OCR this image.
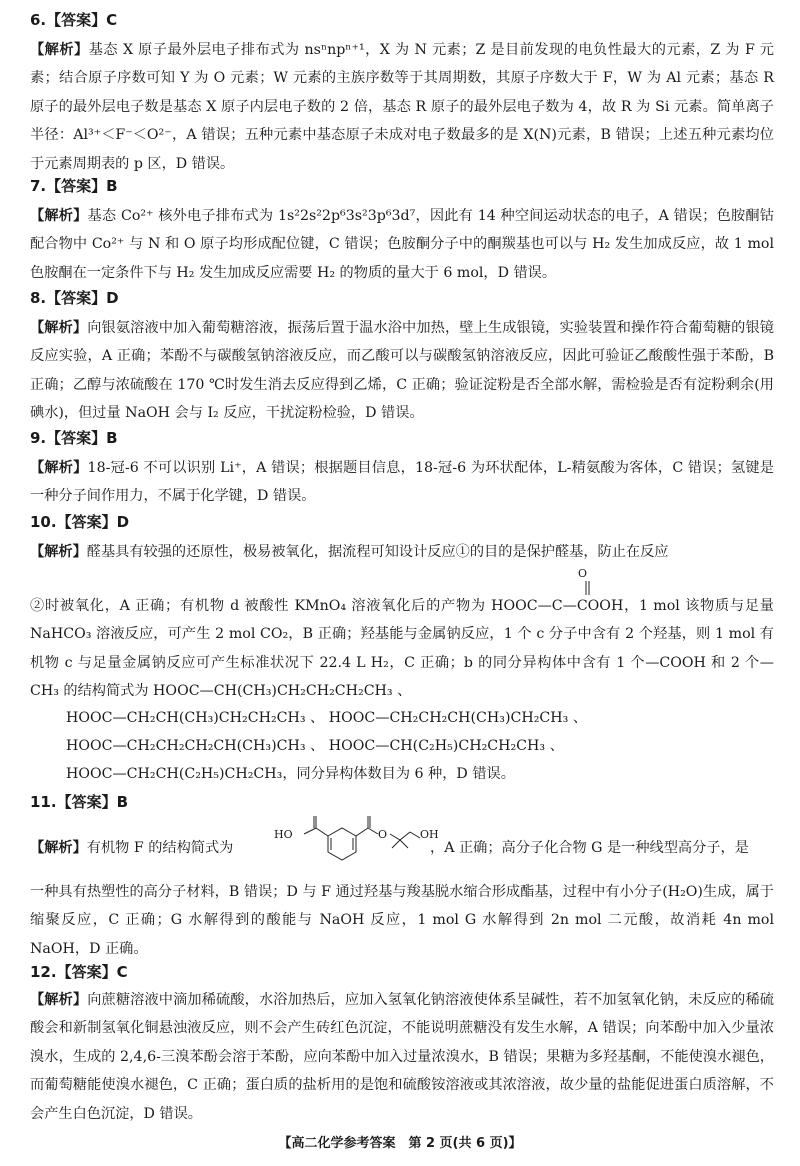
6.【答案】C
【解析】基态 X 原子最外层电子排布式为 nsⁿnpⁿ⁺¹，X 为 N 元素；Z 是目前发现的电负性最大的元素，Z 为 F 元素；结合原子序数可知 Y 为 O 元素；W 元素的主族序数等于其周期数，其原子序数大于 F，W 为 Al 元素；基态 R 原子的最外层电子数是基态 X 原子内层电子数的 2 倍，基态 R 原子的最外层电子数为 4，故 R 为 Si 元素。简单离子半径：Al³⁺＜F⁻＜O²⁻，A 错误；五种元素中基态原子未成对电子数最多的是 X(N)元素，B 错误；上述五种元素均位于元素周期表的 p 区，D 错误。
7.【答案】B
【解析】基态 Co²⁺ 核外电子排布式为 1s²2s²2p⁶3s²3p⁶3d⁷，因此有 14 种空间运动状态的电子，A 错误；色胺酮钴配合物中 Co²⁺ 与 N 和 O 原子均形成配位键，C 错误；色胺酮分子中的酮羰基也可以与 H₂ 发生加成反应，故 1 mol 色胺酮在一定条件下与 H₂ 发生加成反应需要 H₂ 的物质的量大于 6 mol，D 错误。
8.【答案】D
【解析】向银氨溶液中加入葡萄糖溶液，振荡后置于温水浴中加热，壁上生成银镜，实验装置和操作符合葡萄糖的银镜反应实验，A 正确；苯酚不与碳酸氢钠溶液反应，而乙酸可以与碳酸氢钠溶液反应，因此可验证乙酸酸性强于苯酚，B 正确；乙醇与浓硫酸在 170 ℃时发生消去反应得到乙烯，C 正确；验证淀粉是否全部水解，需检验是否有淀粉剩余(用碘水)，但过量 NaOH 会与 I₂ 反应，干扰淀粉检验，D 错误。
9.【答案】B
【解析】18-冠-6 不可以识别 Li⁺，A 错误；根据题目信息，18-冠-6 为环状配体，L-精氨酸为客体，C 错误；氢键是一种分子间作用力，不属于化学键，D 错误。
10.【答案】D
【解析】醛基具有较强的还原性，极易被氧化，据流程可知设计反应①的目的是保护醛基，防止在反应
O
②时被氧化，A 正确；有机物 d 被酸性 KMnO₄ 溶液氧化后的产物为 HOOC—C—COOH，1 mol 该物质与足量 NaHCO₃ 溶液反应，可产生 2 mol CO₂，B 正确；羟基能与金属钠反应，1 个 c 分子中含有 2 个羟基，则 1 mol 有机物 c 与足量金属钠反应可产生标准状况下 22.4 L H₂，C 正确；b 的同分异构体中含有 1 个—COOH 和 2 个—CH₃ 的结构简式为 HOOC—CH(CH₃)CH₂CH₂CH₂CH₃ 、
HOOC—CH₂CH(CH₃)CH₂CH₂CH₃ 、 HOOC—CH₂CH₂CH(CH₃)CH₂CH₃ 、
HOOC—CH₂CH₂CH₂CH(CH₃)CH₃ 、 HOOC—CH(C₂H₅)CH₂CH₂CH₃ 、
HOOC—CH₂CH(C₂H₅)CH₂CH₃，同分异构体数目为 6 种，D 错误。
11.【答案】B
【解析】有机物 F 的结构简式为
HO	O	OH
，A 正确；高分子化合物 G 是一种线型高分子，是
一种具有热塑性的高分子材料，B 错误；D 与 F 通过羟基与羧基脱水缩合形成酯基，过程中有小分子(H₂O)生成，属于缩聚反应，C 正确；G 水解得到的酸能与 NaOH 反应，1 mol G 水解得到 2n mol 二元酸，故消耗 4n mol NaOH，D 正确。
12.【答案】C
【解析】向蔗糖溶液中滴加稀硫酸，水浴加热后，应加入氢氧化钠溶液使体系呈碱性，若不加氢氧化钠，未反应的稀硫酸会和新制氢氧化铜悬浊液反应，则不会产生砖红色沉淀，不能说明蔗糖没有发生水解，A 错误；向苯酚中加入少量浓溴水，生成的 2,4,6-三溴苯酚会溶于苯酚，应向苯酚中加入过量浓溴水，B 错误；果糖为多羟基酮，不能使溴水褪色，而葡萄糖能使溴水褪色，C 正确；蛋白质的盐析用的是饱和硫酸铵溶液或其浓溶液，故少量的盐能促进蛋白质溶解，不会产生白色沉淀，D 错误。
【高二化学参考答案　第 2 页(共 6 页)】
